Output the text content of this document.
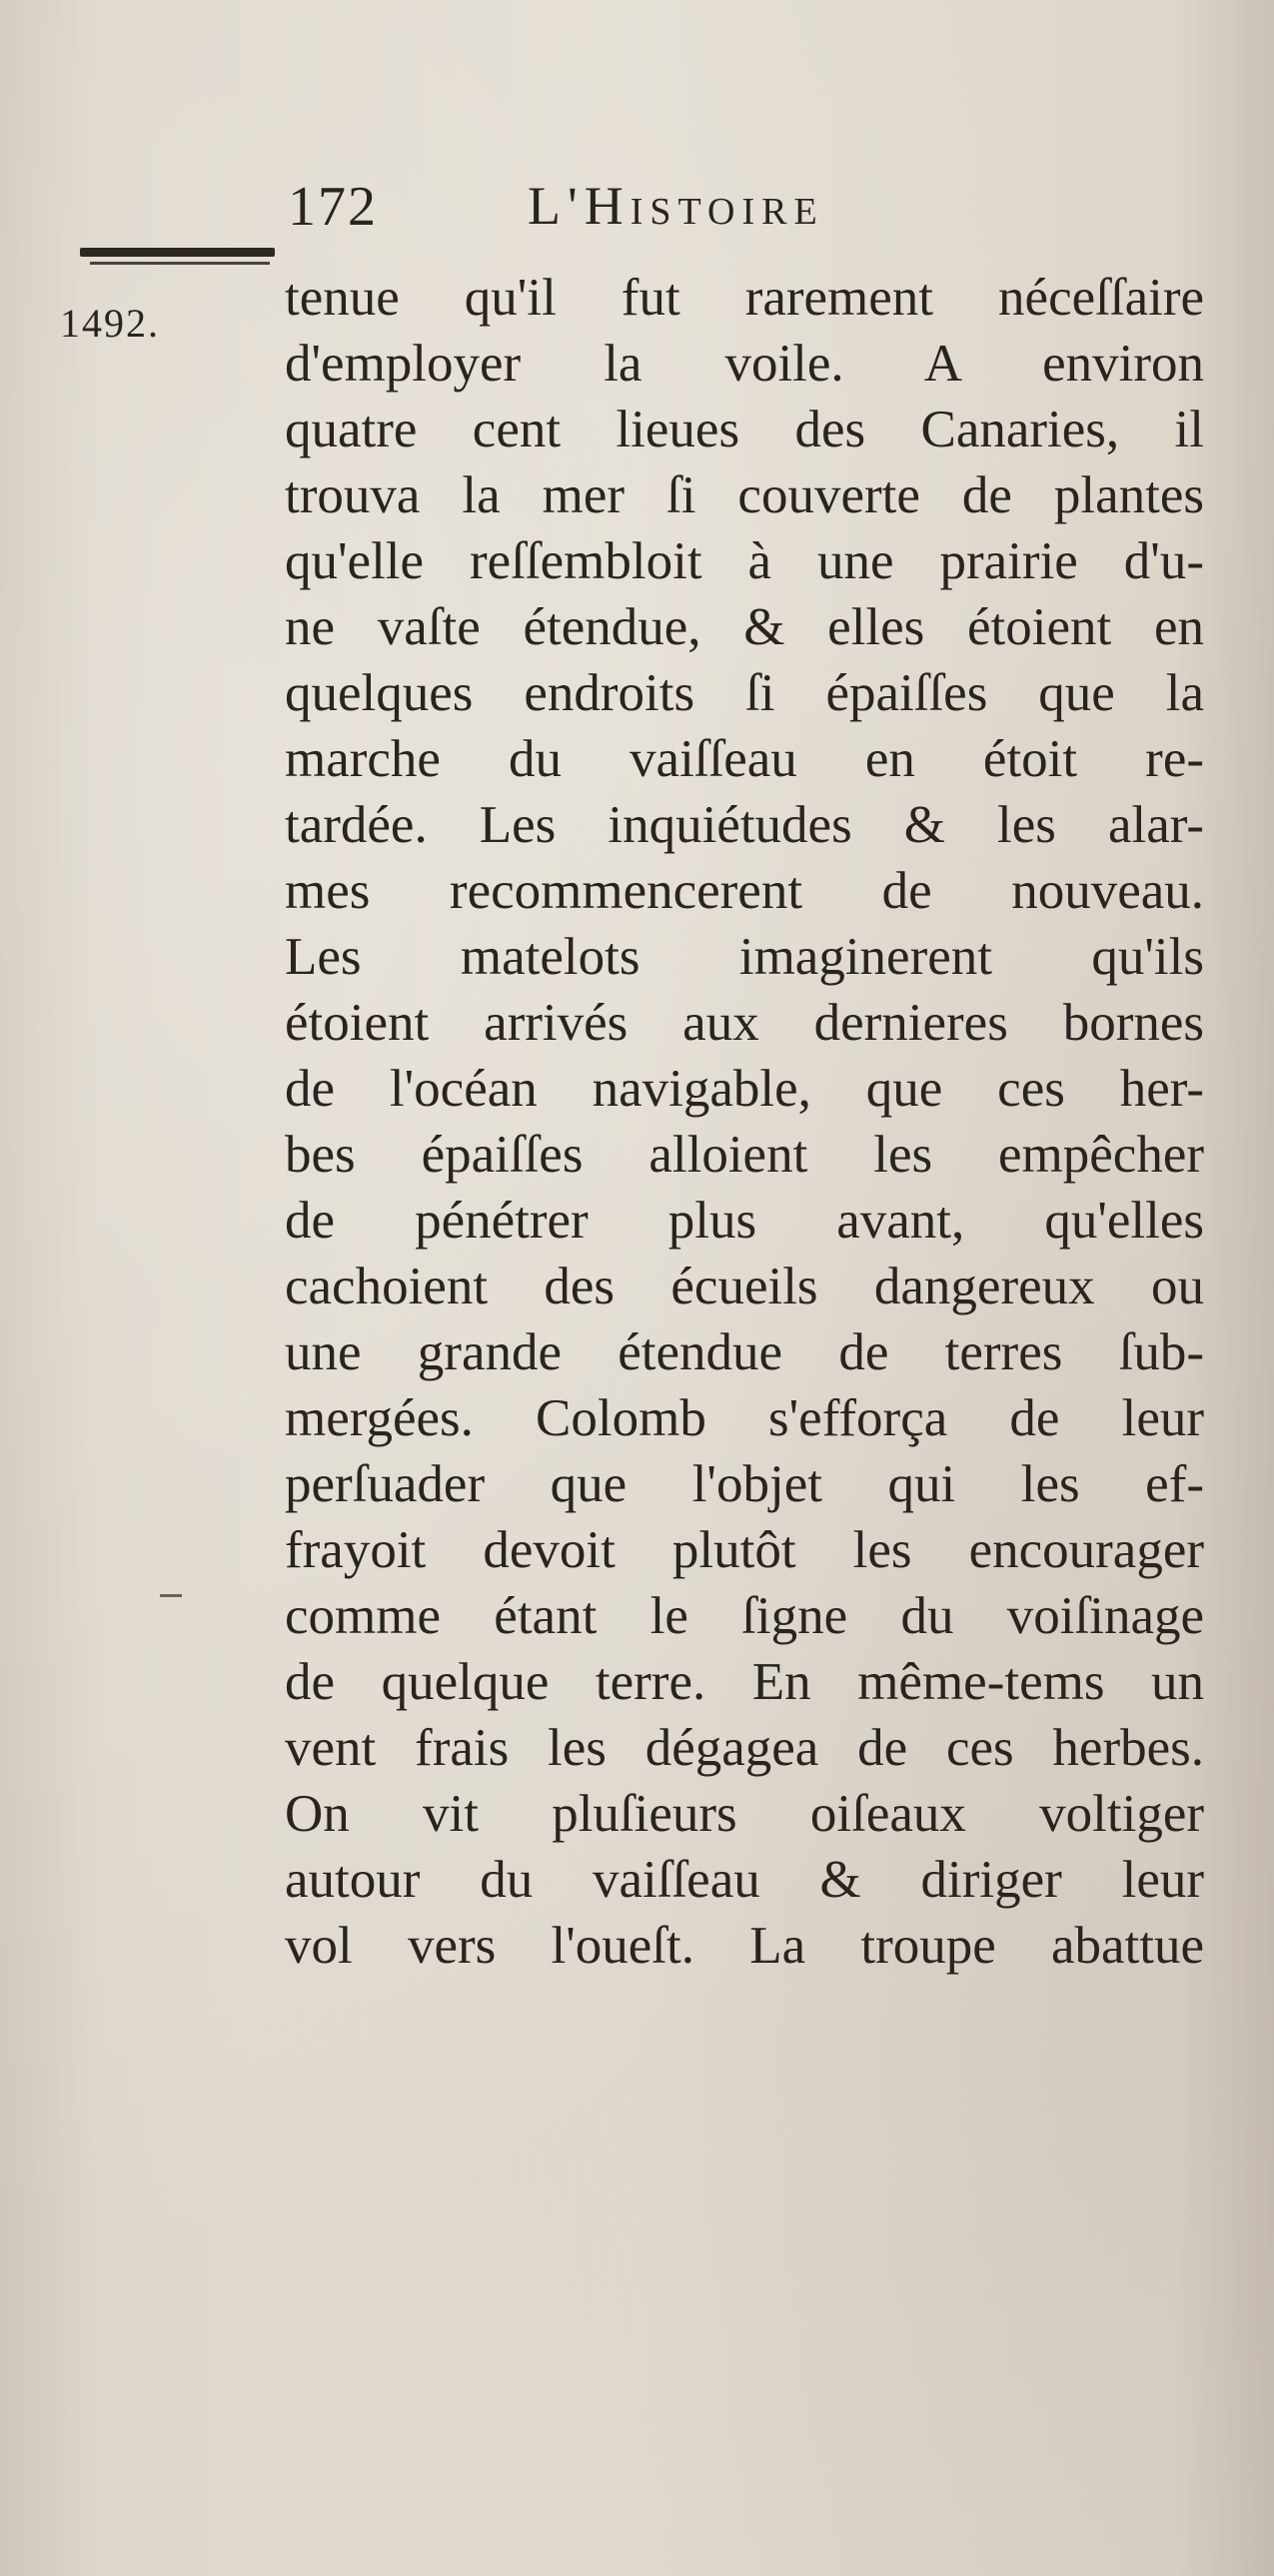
172	L'Histoire
1492. tenue qu'il fut rarement néceſſaire
d'employer la voile. A environ
quatre cent lieues des Canaries, il
trouva la mer ſi couverte de plantes
qu'elle reſſembloit à une prairie d'u-
ne vaſte étendue, & elles étoient en
quelques endroits ſi épaiſſes que la
marche du vaiſſeau en étoit re-
tardée. Les inquiétudes & les alar-
mes recommencerent de nouveau.
Les matelots imaginerent qu'ils
étoient arrivés aux dernieres bornes
de l'océan navigable, que ces her-
bes épaiſſes alloient les empêcher
de pénétrer plus avant, qu'elles
cachoient des écueils dangereux ou
une grande étendue de terres ſub-
mergées. Colomb s'efforça de leur
perſuader que l'objet qui les ef-
frayoit devoit plutôt les encourager
comme étant le ſigne du voiſinage
de quelque terre. En même-tems un
vent frais les dégagea de ces herbes.
On vit pluſieurs oiſeaux voltiger
autour du vaiſſeau & diriger leur
vol vers l'oueſt. La troupe abattue
